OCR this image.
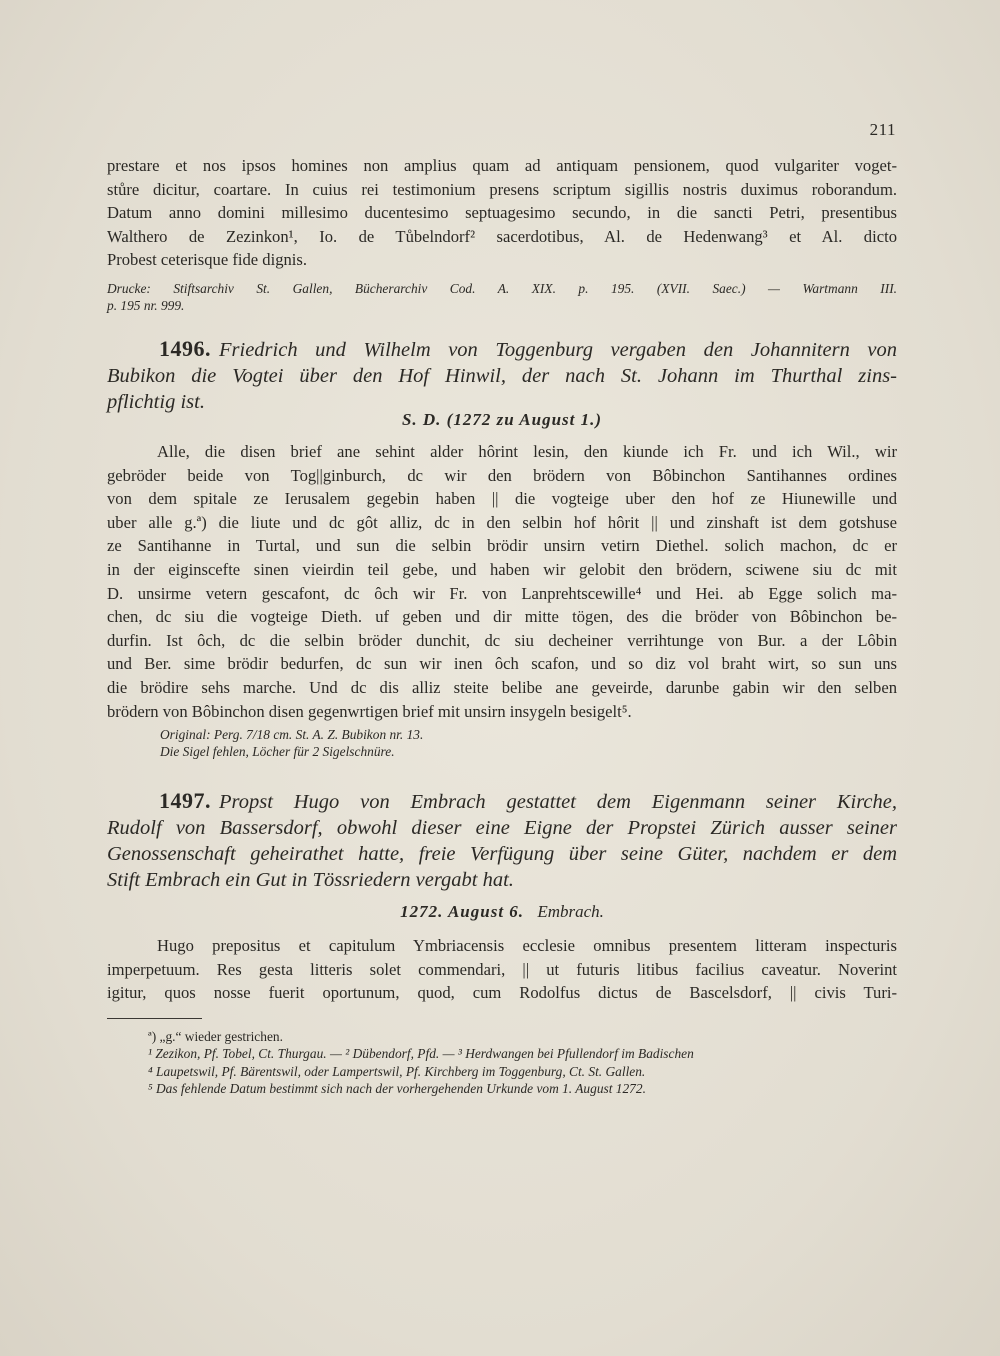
211
prestare et nos ipsos homines non amplius quam ad antiquam pensionem, quod vulgariter voget-
stůre dicitur, coartare. In cuius rei testimonium presens scriptum sigillis nostris duximus roborandum.
Datum anno domini millesimo ducentesimo septuagesimo secundo, in die sancti Petri, presentibus
Walthero de Zezinkon¹, Io. de Tůbelndorf² sacerdotibus, Al. de Hedenwang³ et Al. dicto
Probest ceterisque fide dignis.
Drucke: Stiftsarchiv St. Gallen, Bücherarchiv Cod. A. XIX. p. 195. (XVII. Saec.) — Wartmann III.
p. 195 nr. 999.
1496. Friedrich und Wilhelm von Toggenburg vergaben den Johannitern von
Bubikon die Vogtei über den Hof Hinwil, der nach St. Johann im Thurthal zins-
pflichtig ist.
S. D. (1272 zu August 1.)
Alle, die disen brief ane sehint alder hôrint lesin, den kiunde ich Fr. und ich Wil., wir
gebröder beide von Tog||ginburch, dc wir den brödern von Bôbinchon Santihannes ordines
von dem spitale ze Ierusalem gegebin haben || die vogteige uber den hof ze Hiunewille und
uber alle g.ª) die liute und dc gôt alliz, dc in den selbin hof hôrit || und zinshaft ist dem gotshuse
ze Santihanne in Turtal, und sun die selbin brödir unsirn vetirn Diethel. solich machon, dc er
in der eiginscefte sinen vieirdin teil gebe, und haben wir gelobit den brödern, sciwene siu dc mit
D. unsirme vetern gescafont, dc ôch wir Fr. von Lanprehtscewille⁴ und Hei. ab Egge solich ma-
chen, dc siu die vogteige Dieth. uf geben und dir mitte tögen, des die bröder von Bôbinchon be-
durfin. Ist ôch, dc die selbin bröder dunchit, dc siu decheiner verrihtunge von Bur. a der Lôbin
und Ber. sime brödir bedurfen, dc sun wir inen ôch scafon, und so diz vol braht wirt, so sun uns
die brödire sehs marche. Und dc dis alliz steite belibe ane geveirde, darunbe gabin wir den selben
brödern von Bôbinchon disen gegenwrtigen brief mit unsirn insygeln besigelt⁵.
Original: Perg. 7/18 cm. St. A. Z. Bubikon nr. 13.
Die Sigel fehlen, Löcher für 2 Sigelschnüre.
1497. Propst Hugo von Embrach gestattet dem Eigenmann seiner Kirche,
Rudolf von Bassersdorf, obwohl dieser eine Eigne der Propstei Zürich ausser seiner
Genossenschaft geheirathet hatte, freie Verfügung über seine Güter, nachdem er dem
Stift Embrach ein Gut in Tössriedern vergabt hat.
1272. August 6. Embrach.
Hugo prepositus et capitulum Ymbriacensis ecclesie omnibus presentem litteram inspecturis
imperpetuum. Res gesta litteris solet commendari, || ut futuris litibus facilius caveatur. Noverint
igitur, quos nosse fuerit oportunum, quod, cum Rodolfus dictus de Bascelsdorf, || civis Turi-
ª) „g.“ wieder gestrichen.
¹ Zezikon, Pf. Tobel, Ct. Thurgau. — ² Dübendorf, Pfd. — ³ Herdwangen bei Pfullendorf im Badischen
⁴ Laupetswil, Pf. Bärentswil, oder Lampertswil, Pf. Kirchberg im Toggenburg, Ct. St. Gallen.
⁵ Das fehlende Datum bestimmt sich nach der vorhergehenden Urkunde vom 1. August 1272.
